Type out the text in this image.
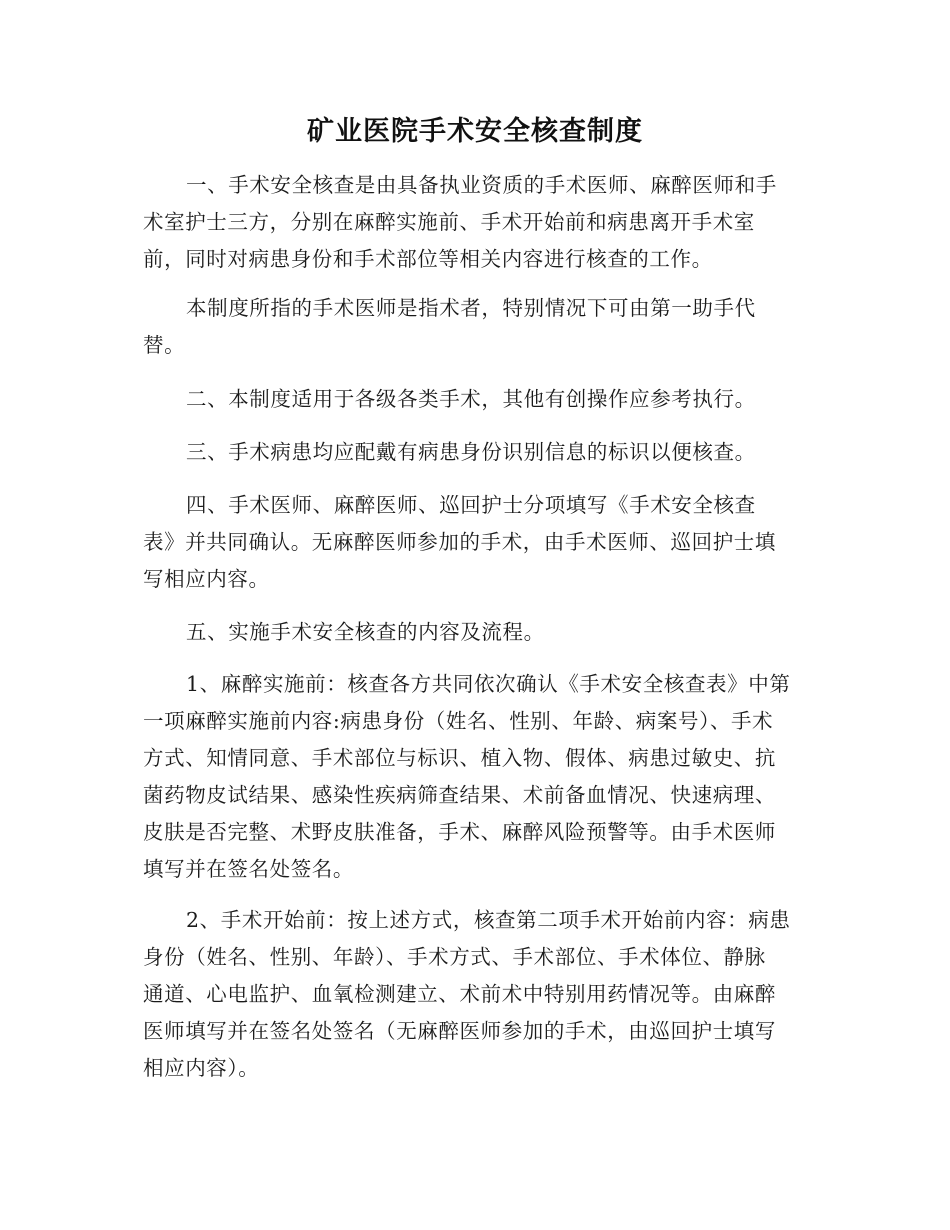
矿业医院手术安全核查制度
一、手术安全核查是由具备执业资质的手术医师、麻醉医师和手
术室护士三方，分别在麻醉实施前、手术开始前和病患离开手术室
前，同时对病患身份和手术部位等相关内容进行核查的工作。
本制度所指的手术医师是指术者，特别情况下可由第一助手代
替。
二、本制度适用于各级各类手术，其他有创操作应参考执行。
三、手术病患均应配戴有病患身份识别信息的标识以便核查。
四、手术医师、麻醉医师、巡回护士分项填写《手术安全核查
表》并共同确认。无麻醉医师参加的手术，由手术医师、巡回护士填
写相应内容。
五、实施手术安全核查的内容及流程。
1、麻醉实施前：核查各方共同依次确认《手术安全核查表》中第
一项麻醉实施前内容:病患身份（姓名、性别、年龄、病案号）、手术
方式、知情同意、手术部位与标识、植入物、假体、病患过敏史、抗
菌药物皮试结果、感染性疾病筛查结果、术前备血情况、快速病理、
皮肤是否完整、术野皮肤准备，手术、麻醉风险预警等。由手术医师
填写并在签名处签名。
2、手术开始前：按上述方式，核查第二项手术开始前内容：病患
身份（姓名、性别、年龄）、手术方式、手术部位、手术体位、静脉
通道、心电监护、血氧检测建立、术前术中特别用药情况等。由麻醉
医师填写并在签名处签名（无麻醉医师参加的手术，由巡回护士填写
相应内容）。
